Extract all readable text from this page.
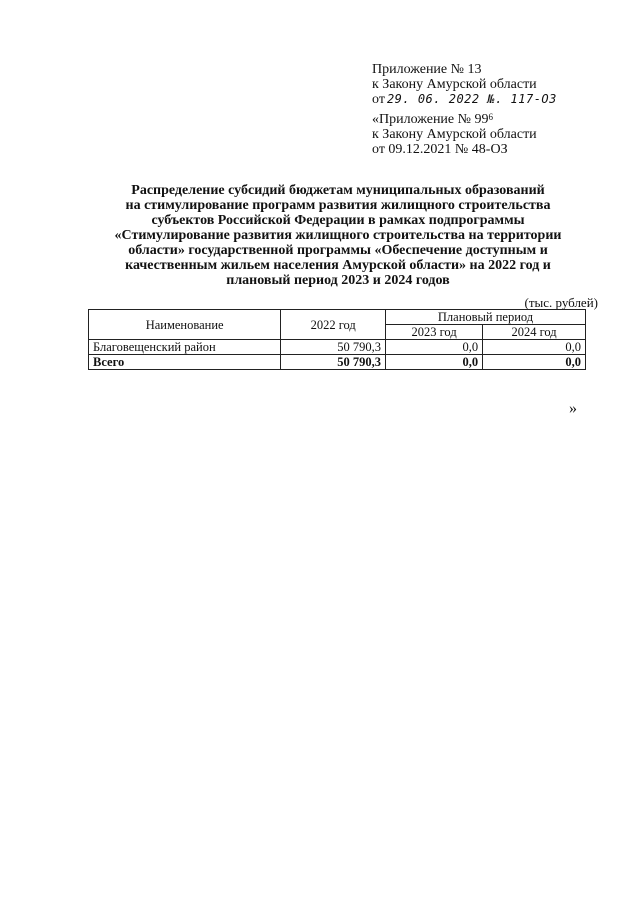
Приложение № 13
к Закону Амурской области
от 29. 06. 2022 №. 117-ОЗ
«Приложение № $99^6$
к Закону Амурской области
от 09.12.2021 № 48-ОЗ
Распределение субсидий бюджетам муниципальных образований
на стимулирование программ развития жилищного строительства
субъектов Российской Федерации в рамках подпрограммы
«Стимулирование развития жилищного строительства на территории
области» государственной программы «Обеспечение доступным и
качественным жильем населения Амурской области» на 2022 год и
плановый период 2023 и 2024 годов
(тыс. рублей)
Наименование	2022 год	Плановый период	
		2023 год	2024 год
Благовещенский район	50 790,3	0,0	0,0
Всего	50 790,3	0,0	0,0
»
